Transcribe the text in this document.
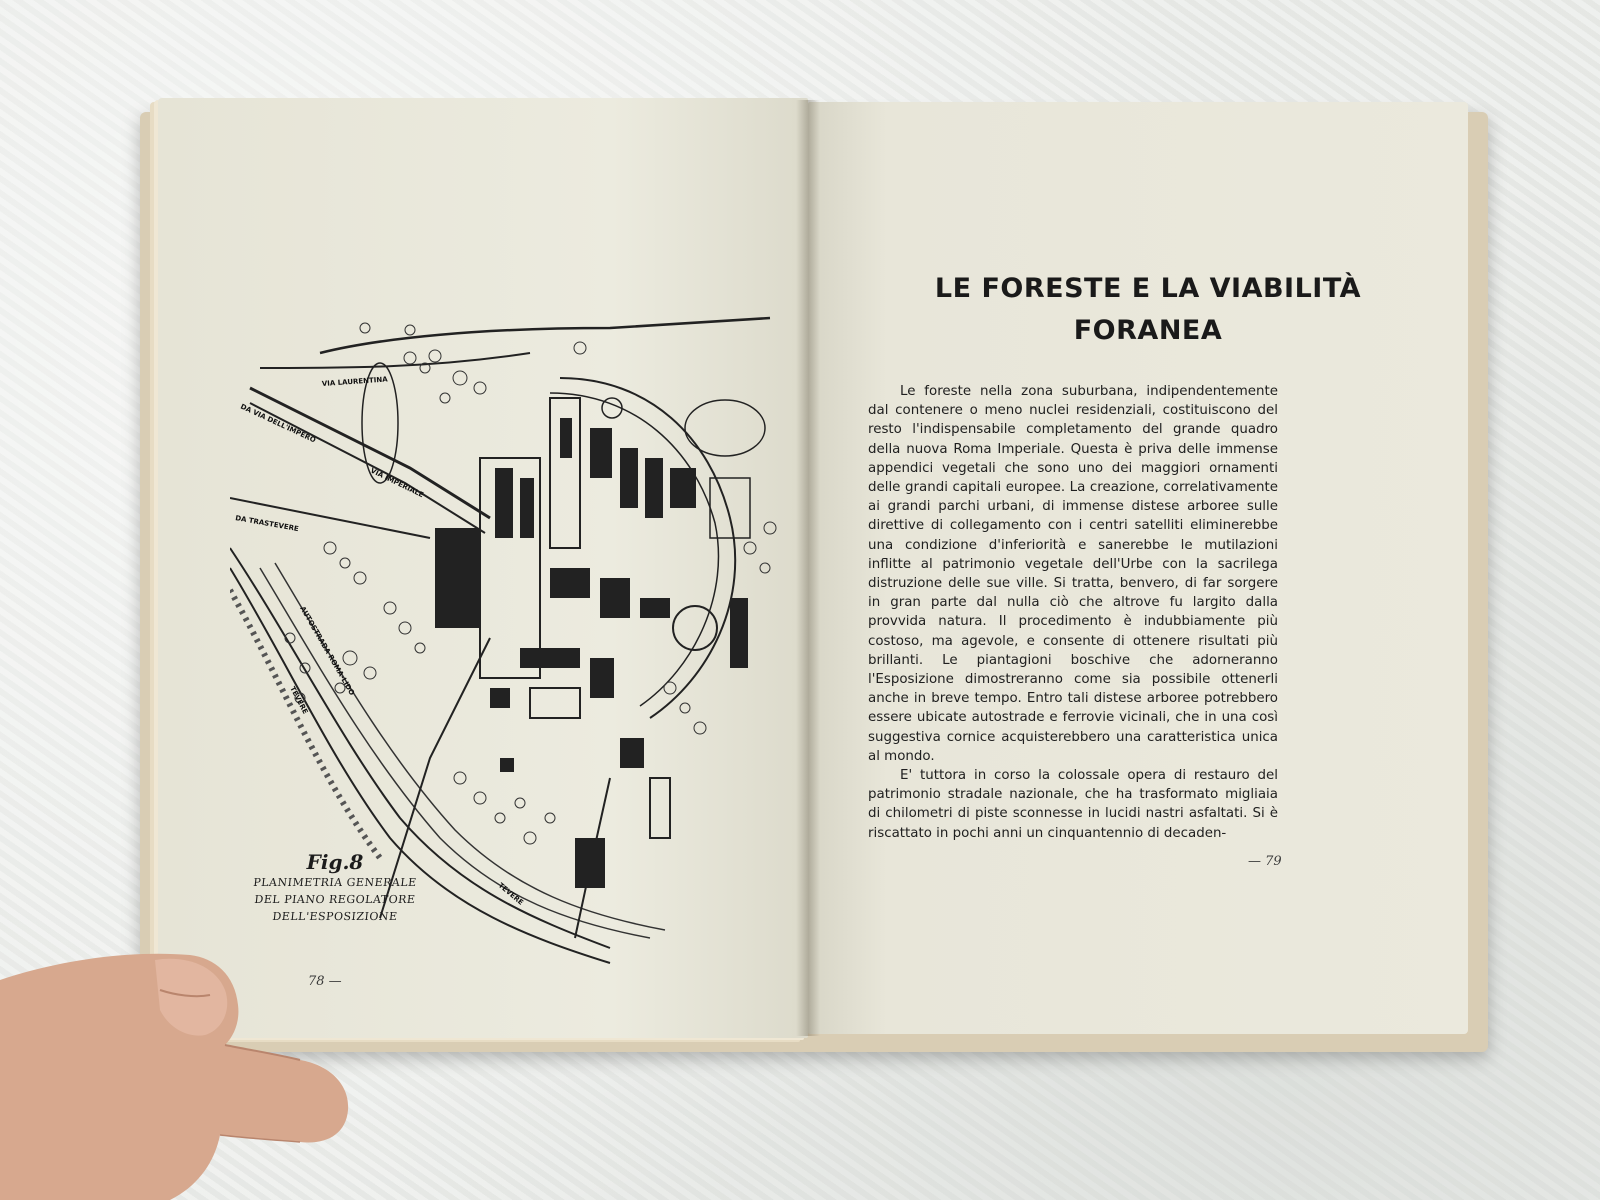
VIA LAURENTINA
DA VIA DELL'IMPERO
VIA IMPERIALE
DA TRASTEVERE
AUTOSTRADA ROMA-LIDO
TEVERE
TEVERE
Fig.8
PLANIMETRIA GENERALE
DEL PIANO REGOLATORE
DELL'ESPOSIZIONE
78 —
LE FORESTE E LA VIABILITÀ
FORANEA

Le foreste nella zona suburbana, indipendentemente dal contenere o meno nuclei residenziali, costituiscono del resto l'indispensabile completamento del grande quadro della nuova Roma Imperiale. Questa è priva delle immense appendici vegetali che sono uno dei maggiori ornamenti delle grandi capitali europee. La creazione, correlativamente ai grandi parchi urbani, di immense distese arboree sulle direttive di collegamento con i centri satelliti eliminerebbe una condizione d'inferiorità e sanerebbe le mutilazioni inflitte al patrimonio vegetale dell'Urbe con la sacrilega distruzione delle sue ville. Si tratta, benvero, di far sorgere in gran parte dal nulla ciò che altrove fu largito dalla provvida natura. Il procedimento è indubbiamente più costoso, ma agevole, e consente di ottenere risultati più brillanti. Le piantagioni boschive che adorneranno l'Esposizione dimostreranno come sia possibile ottenerli anche in breve tempo. Entro tali distese arboree potrebbero essere ubicate autostrade e ferrovie vicinali, che in una così suggestiva cornice acquisterebbero una caratteristica unica al mondo.

E' tuttora in corso la colossale opera di restauro del patrimonio stradale nazionale, che ha trasformato migliaia di chilometri di piste sconnesse in lucidi nastri asfaltati. Si è riscattato in pochi anni un cinquantennio di decaden-

— 79
